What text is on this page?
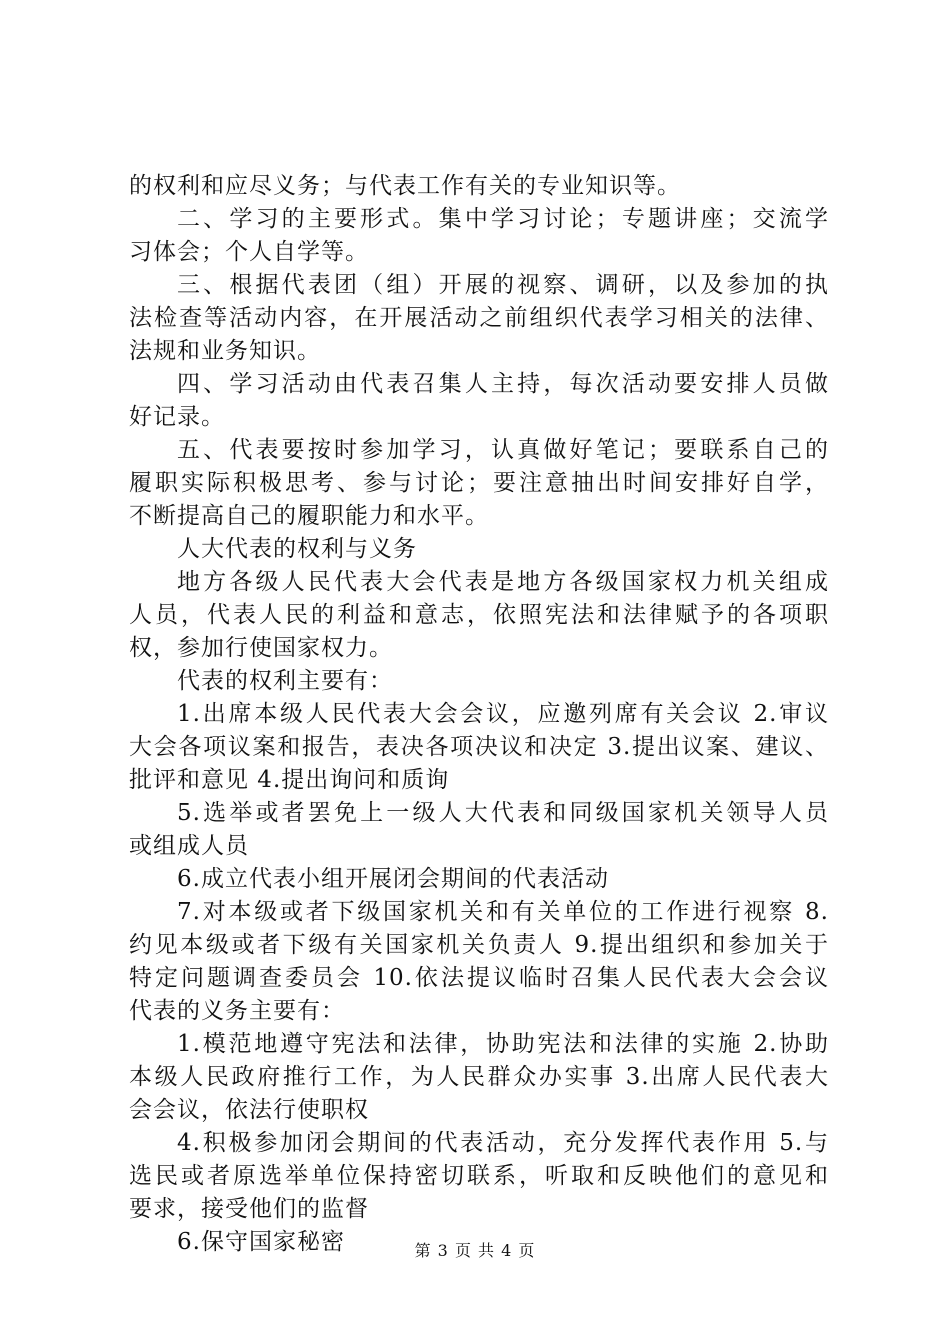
的权利和应尽义务；与代表工作有关的专业知识等。
二、学习的主要形式。集中学习讨论；专题讲座；交流学
习体会；个人自学等。
三、根据代表团（组）开展的视察、调研，以及参加的执
法检查等活动内容，在开展活动之前组织代表学习相关的法律、
法规和业务知识。
四、学习活动由代表召集人主持，每次活动要安排人员做
好记录。
五、代表要按时参加学习，认真做好笔记；要联系自己的
履职实际积极思考、参与讨论；要注意抽出时间安排好自学，
不断提高自己的履职能力和水平。
人大代表的权利与义务
地方各级人民代表大会代表是地方各级国家权力机关组成
人员，代表人民的利益和意志，依照宪法和法律赋予的各项职
权，参加行使国家权力。
代表的权利主要有：
1.出席本级人民代表大会会议，应邀列席有关会议 2.审议
大会各项议案和报告，表决各项决议和决定 3.提出议案、建议、
批评和意见 4.提出询问和质询
5.选举或者罢免上一级人大代表和同级国家机关领导人员
或组成人员
6.成立代表小组开展闭会期间的代表活动
7.对本级或者下级国家机关和有关单位的工作进行视察 8.
约见本级或者下级有关国家机关负责人 9.提出组织和参加关于
特定问题调查委员会 10.依法提议临时召集人民代表大会会议
代表的义务主要有：
1.模范地遵守宪法和法律，协助宪法和法律的实施 2.协助
本级人民政府推行工作，为人民群众办实事 3.出席人民代表大
会会议，依法行使职权
4.积极参加闭会期间的代表活动，充分发挥代表作用 5.与
选民或者原选举单位保持密切联系，听取和反映他们的意见和
要求，接受他们的监督
6.保守国家秘密	第 3 页 共 4 页
